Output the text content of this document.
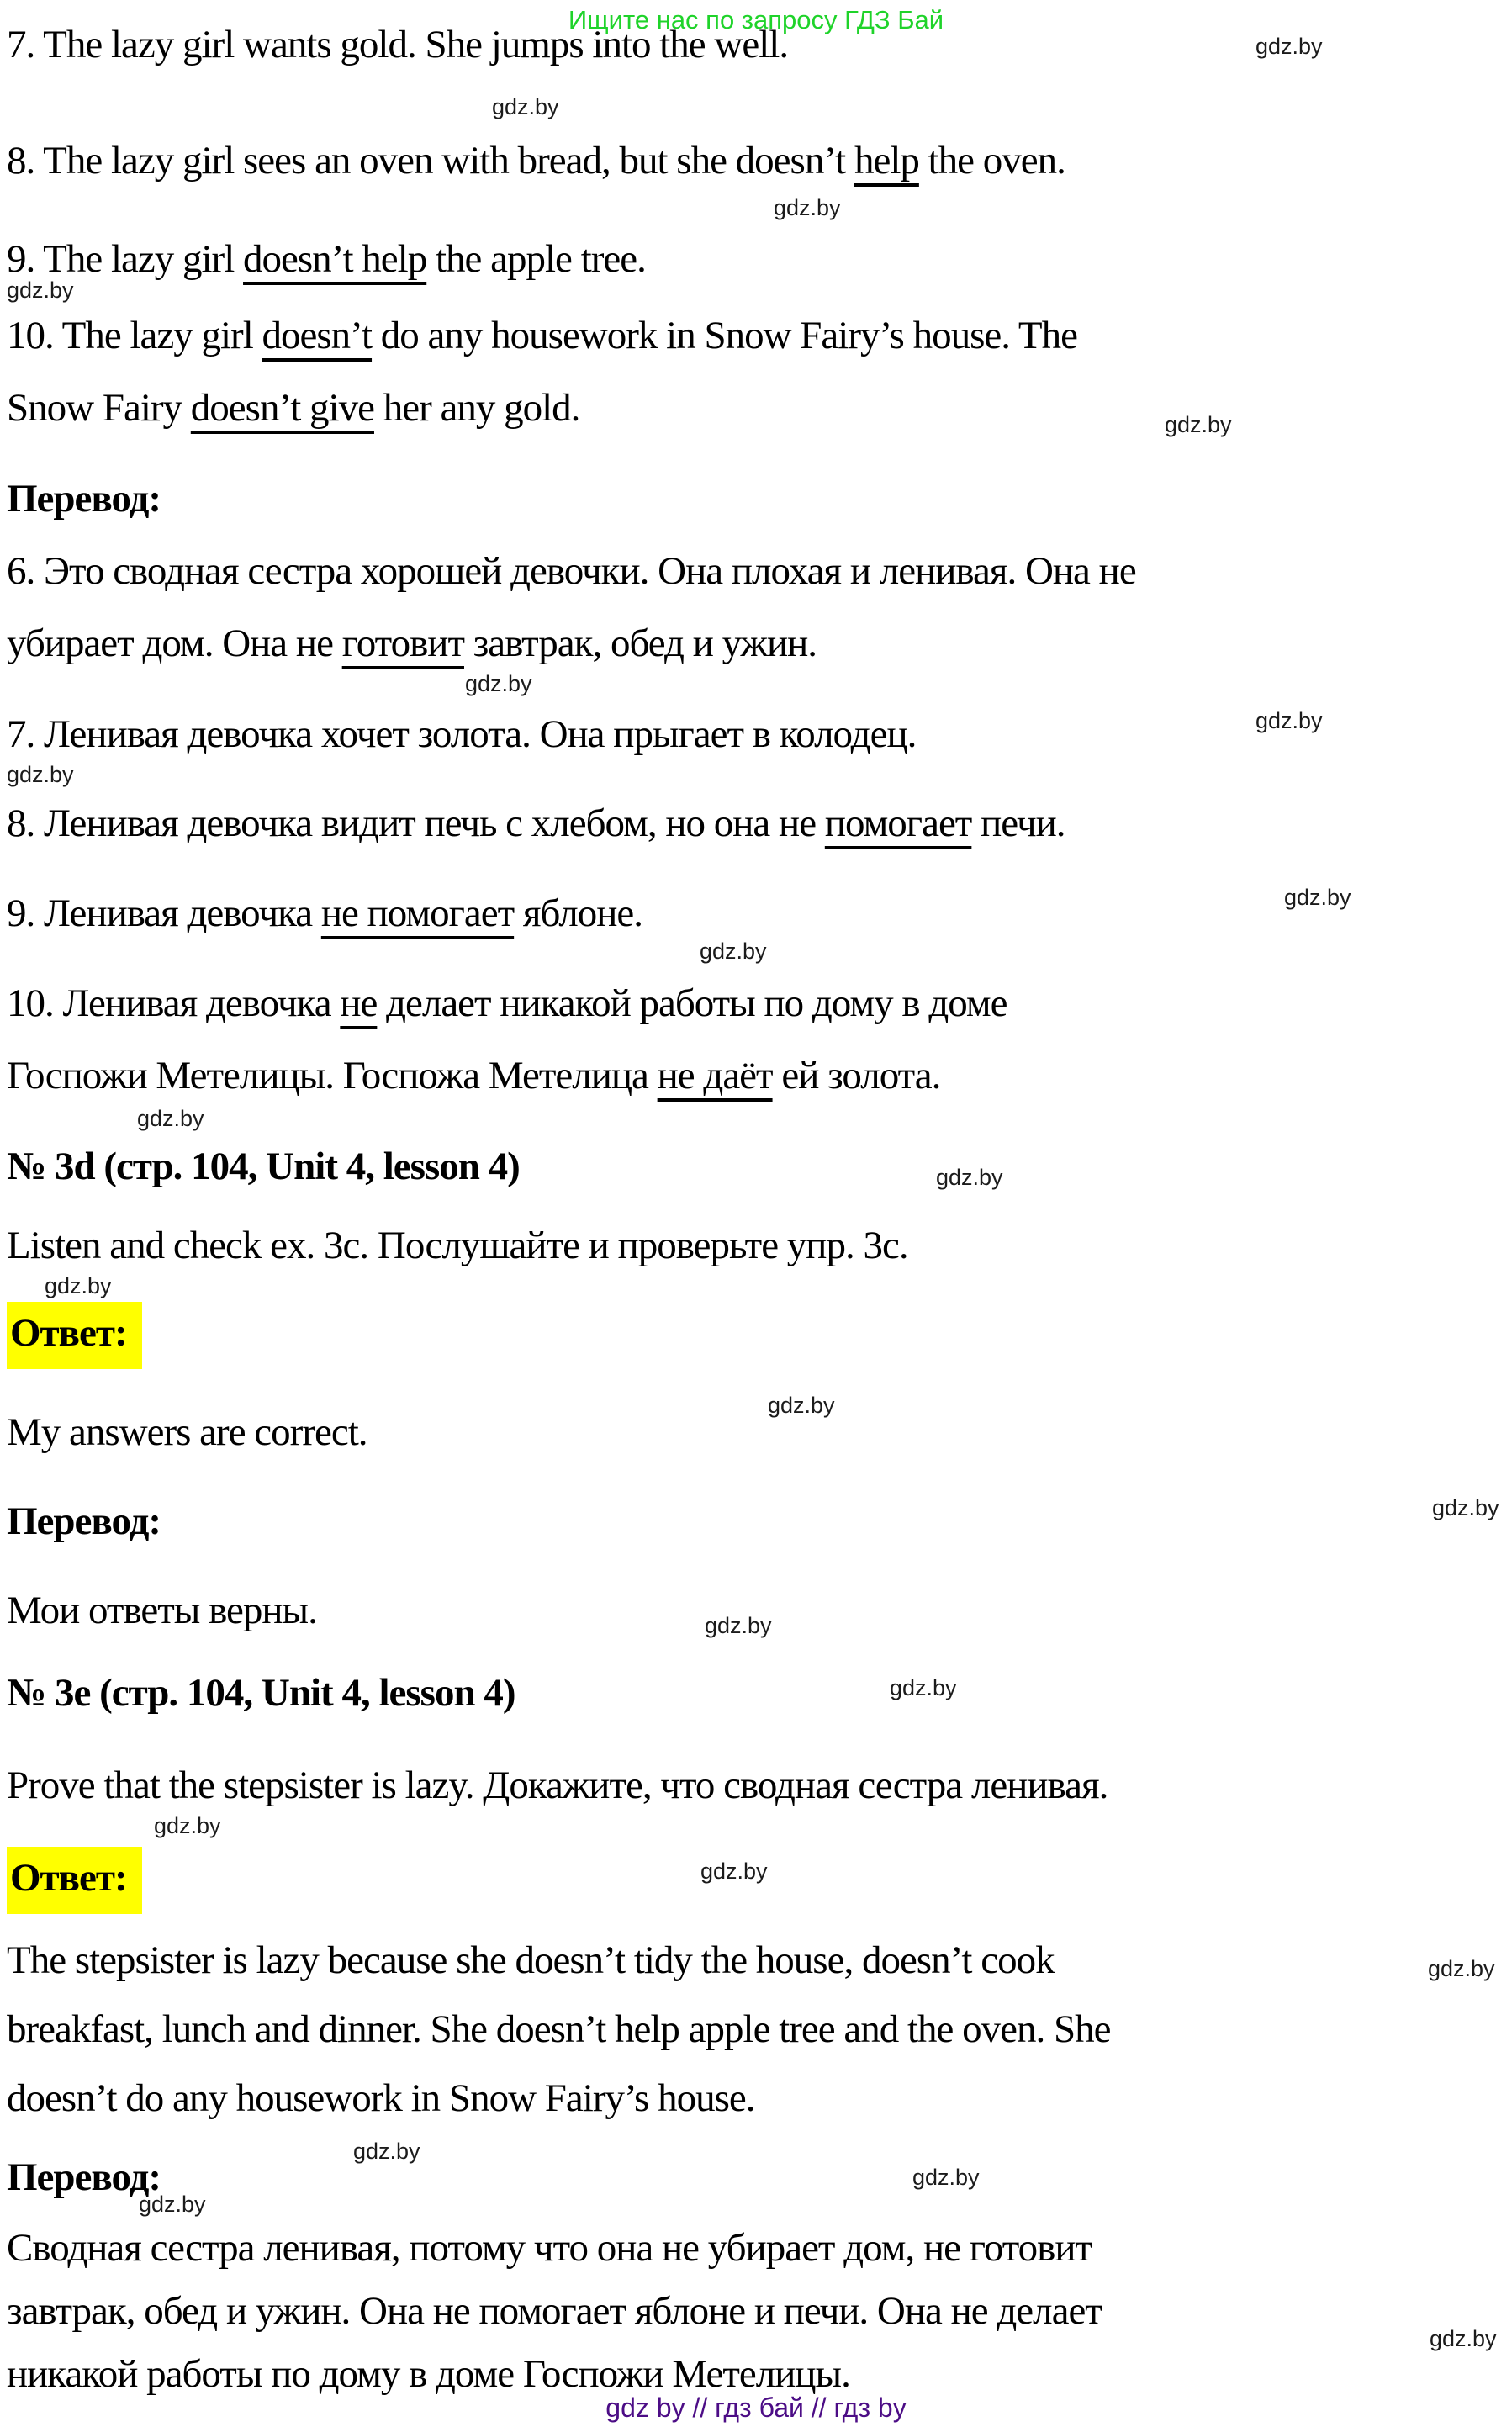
Ищите нас по запросу ГДЗ Бай
7. The lazy girl wants gold. She jumps into the well.
8. The lazy girl sees an oven with bread, but she doesn’t help the oven.
9. The lazy girl doesn’t help the apple tree.
10. The lazy girl doesn’t do any housework in Snow Fairy’s house. The
Snow Fairy doesn’t give her any gold.
Перевод:
6. Это сводная сестра хорошей девочки. Она плохая и ленивая. Она не
убирает дом. Она не готовит завтрак, обед и ужин.
7. Ленивая девочка хочет золота. Она прыгает в колодец.
8. Ленивая девочка видит печь с хлебом, но она не помогает печи.
9. Ленивая девочка не помогает яблоне.
10. Ленивая девочка не делает никакой работы по дому в доме
Госпожи Метелицы. Госпожа Метелица не даёт ей золота.
№ 3d (стр. 104, Unit 4, lesson 4)
Listen and check ex. 3c. Послушайте и проверьте упр. 3c.
Ответ:
My answers are correct.
Перевод:
Мои ответы верны.
№ 3e (стр. 104, Unit 4, lesson 4)
Prove that the stepsister is lazy. Докажите, что сводная сестра ленивая.
Ответ:
The stepsister is lazy because she doesn’t tidy the house, doesn’t cook
breakfast, lunch and dinner. She doesn’t help apple tree and the oven. She
doesn’t do any housework in Snow Fairy’s house.
Перевод:
Сводная сестра ленивая, потому что она не убирает дом, не готовит
завтрак, обед и ужин. Она не помогает яблоне и печи. Она не делает
никакой работы по дому в доме Госпожи Метелицы.
gdz by // гдз бай // гдз by
gdz.by
gdz.by
gdz.by
gdz.by
gdz.by
gdz.by
gdz.by
gdz.by
gdz.by
gdz.by
gdz.by
gdz.by
gdz.by
gdz.by
gdz.by
gdz.by
gdz.by
gdz.by
gdz.by
gdz.by
gdz.by
gdz.by
gdz.by
gdz.by
